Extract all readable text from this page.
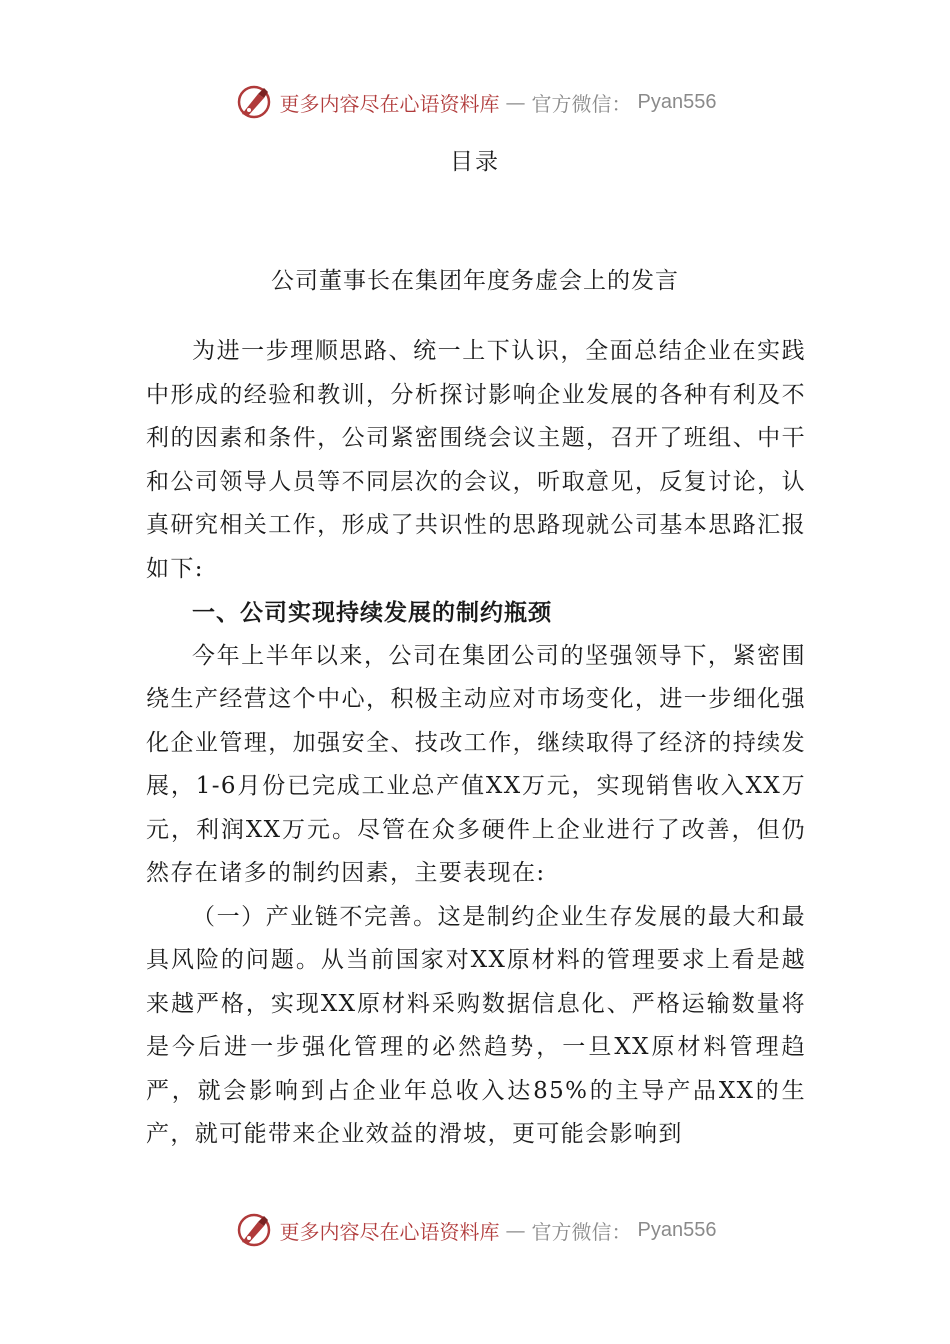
更多内容尽在心语资料库 — 官方微信： Pyan556
目录
公司董事长在集团年度务虚会上的发言

为进一步理顺思路、统一上下认识，全面总结企业在实践中形成的经验和教训，分析探讨影响企业发展的各种有利及不利的因素和条件，公司紧密围绕会议主题，召开了班组、中干和公司领导人员等不同层次的会议，听取意见，反复讨论，认真研究相关工作，形成了共识性的思路现就公司基本思路汇报如下:

一、公司实现持续发展的制约瓶颈

今年上半年以来，公司在集团公司的坚强领导下，紧密围绕生产经营这个中心，积极主动应对市场变化，进一步细化强化企业管理，加强安全、技改工作，继续取得了经济的持续发展，1-6月份已完成工业总产值XX万元，实现销售收入XX万元，利润XX万元。尽管在众多硬件上企业进行了改善，但仍然存在诸多的制约因素，主要表现在:

（一）产业链不完善。这是制约企业生存发展的最大和最具风险的问题。从当前国家对XX原材料的管理要求上看是越来越严格，实现XX原材料采购数据信息化、严格运输数量将是今后进一步强化管理的必然趋势，一旦XX原材料管理趋严，就会影响到占企业年总收入达85%的主导产品XX的生产，就可能带来企业效益的滑坡，更可能会影响到

更多内容尽在心语资料库 — 官方微信： Pyan556
